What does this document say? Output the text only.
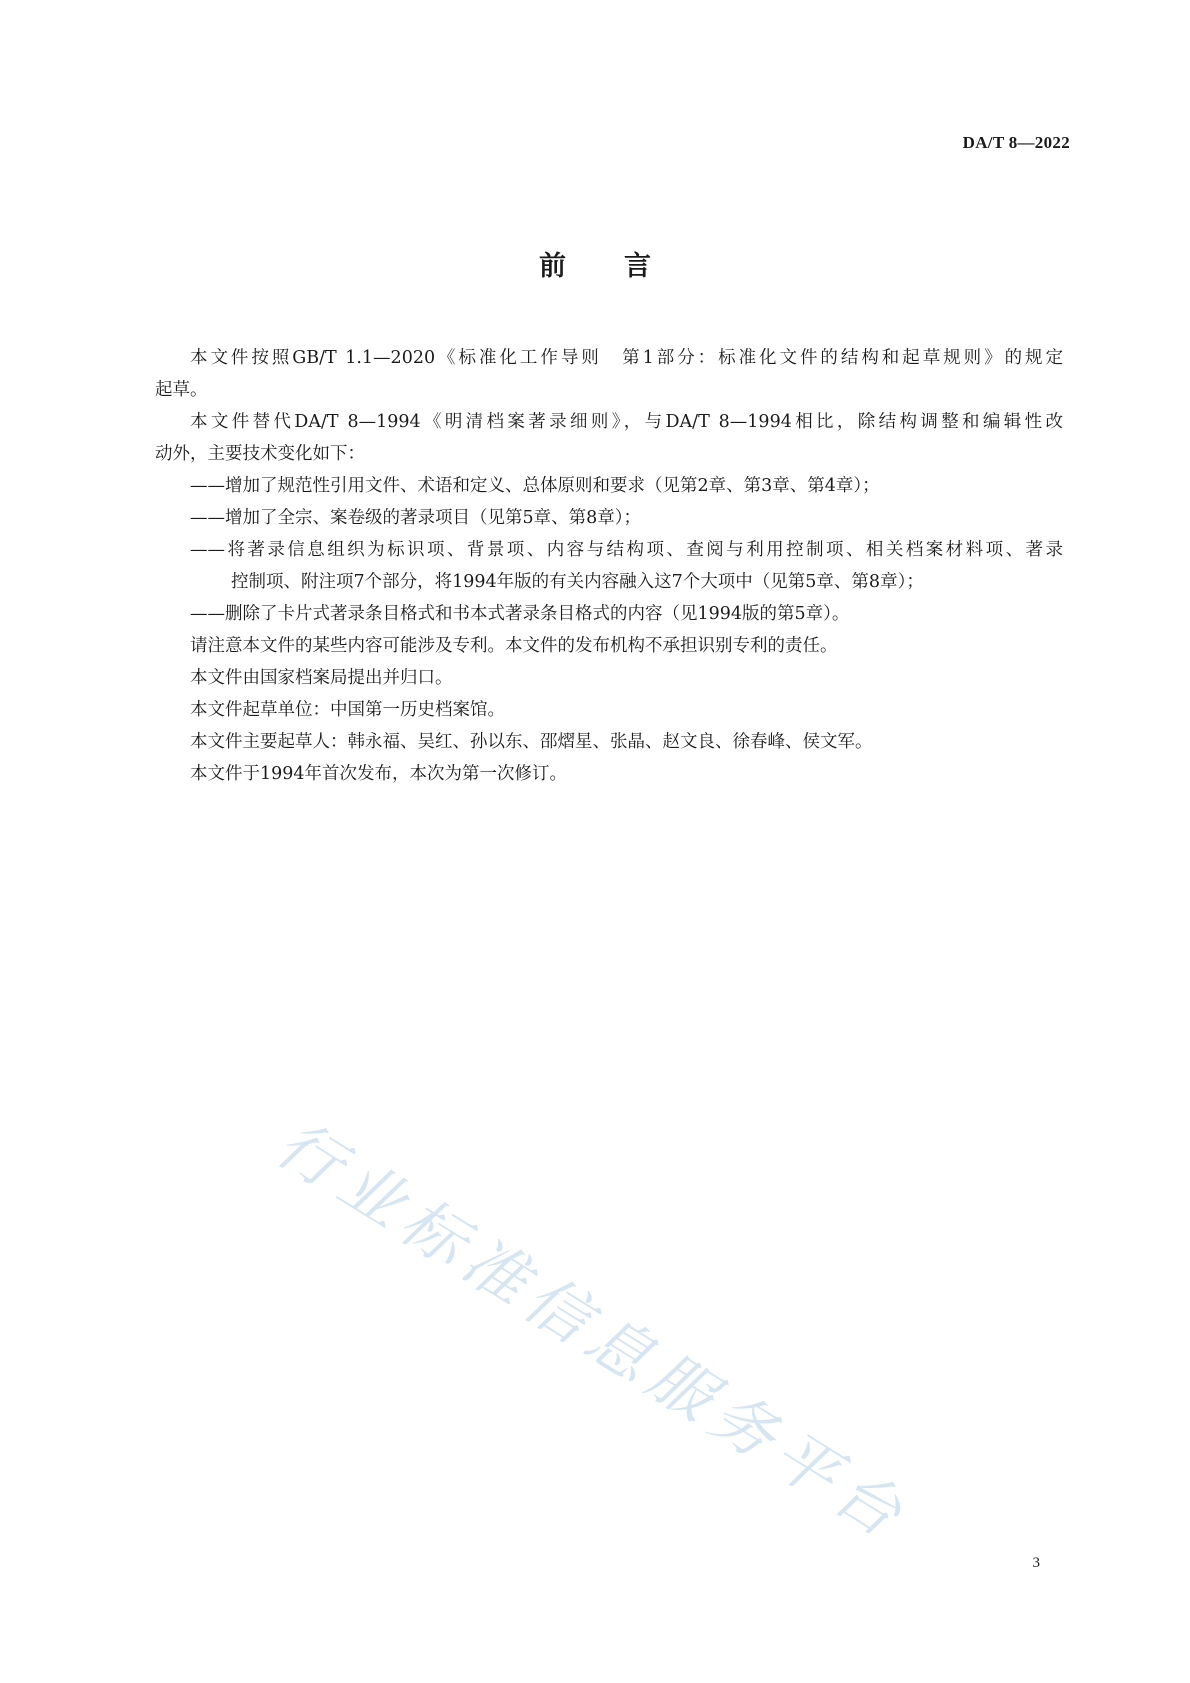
DA/T 8—2022
前 言
本文件按照GB/T 1.1—2020《标准化工作导则　第1部分：标准化文件的结构和起草规则》的规定
起草。
本文件替代DA/T 8—1994《明清档案著录细则》，与DA/T 8—1994相比，除结构调整和编辑性改
动外，主要技术变化如下：
——增加了规范性引用文件、术语和定义、总体原则和要求（见第2章、第3章、第4章）；
——增加了全宗、案卷级的著录项目（见第5章、第8章）；
——将著录信息组织为标识项、背景项、内容与结构项、查阅与利用控制项、相关档案材料项、著录
控制项、附注项7个部分，将1994年版的有关内容融入这7个大项中（见第5章、第8章）；
——删除了卡片式著录条目格式和书本式著录条目格式的内容（见1994版的第5章）。
请注意本文件的某些内容可能涉及专利。本文件的发布机构不承担识别专利的责任。
本文件由国家档案局提出并归口。
本文件起草单位：中国第一历史档案馆。
本文件主要起草人：韩永福、吴红、孙以东、邵熠星、张晶、赵文良、徐春峰、侯文军。
本文件于1994年首次发布，本次为第一次修订。
行业标准信息服务平台
3
